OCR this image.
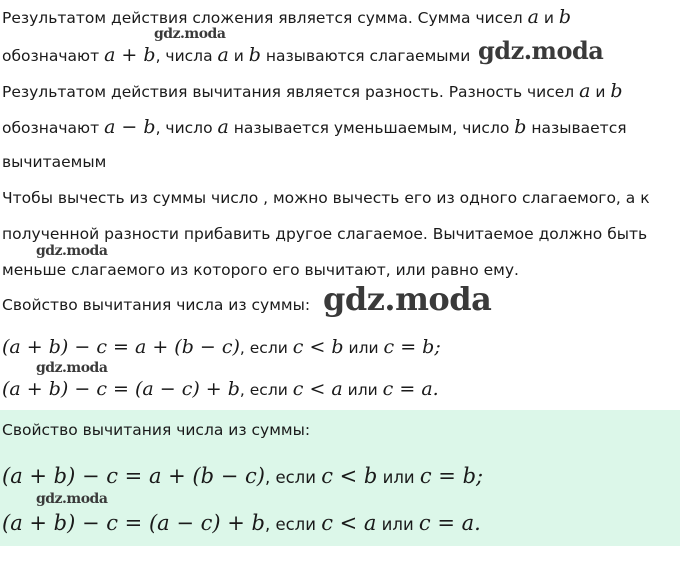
Результатом действия сложения является сумма. Сумма чисел a и b
обозначают a + b, числа a и b называются слагаемыми
Результатом действия вычитания является разность. Разность чисел a и b
обозначают a − b, число a называется уменьшаемым, число b называется
вычитаемым
Чтобы вычесть из суммы число , можно вычесть его из одного слагаемого, а к
полученной разности прибавить другое слагаемое. Вычитаемое должно быть
меньше слагаемого из которого его вычитают, или равно ему.
Свойство вычитания числа из суммы:
(a + b) − c = a + (b − c), если c < b или c = b;
(a + b) − c = (a − c) + b, если c < a или c = a.
Свойство вычитания числа из суммы:
(a + b) − c = a + (b − c), если c < b или c = b;
(a + b) − c = (a − c) + b, если c < a или c = a.
gdz.moda
gdz.moda
gdz.moda
gdz.moda
gdz.moda
gdz.moda
